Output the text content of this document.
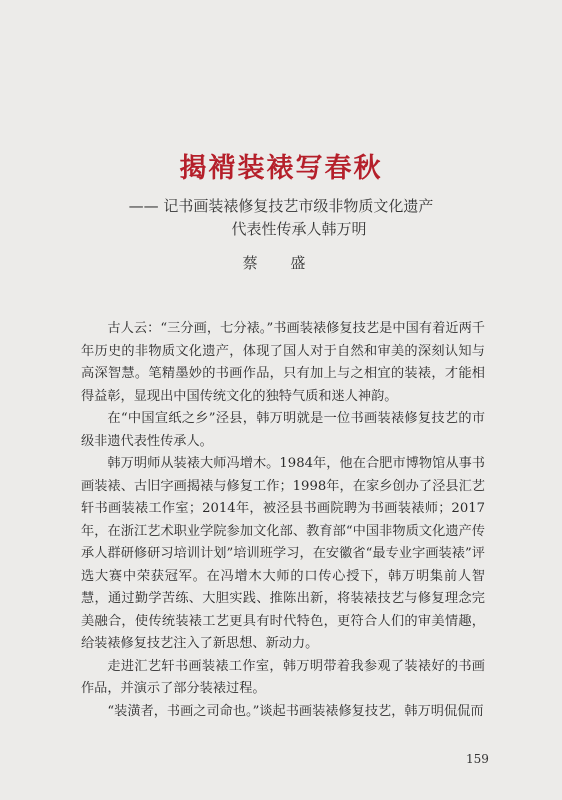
揭褙装裱写春秋
—— 记书画装裱修复技艺市级非物质文化遗产
代表性传承人韩万明
蔡 盛

古人云：“三分画，七分裱。”书画装裱修复技艺是中国有着近两千年历史的非物质文化遗产，体现了国人对于自然和审美的深刻认知与高深智慧。笔精墨妙的书画作品，只有加上与之相宜的装裱，才能相得益彰，显现出中国传统文化的独特气质和迷人神韵。

在“中国宣纸之乡”泾县，韩万明就是一位书画装裱修复技艺的市级非遗代表性传承人。

韩万明师从装裱大师冯增木。1984年，他在合肥市博物馆从事书画装裱、古旧字画揭裱与修复工作；1998年，在家乡创办了泾县汇艺轩书画装裱工作室；2014年，被泾县书画院聘为书画装裱师；2017年，在浙江艺术职业学院参加文化部、教育部“中国非物质文化遗产传承人群研修研习培训计划”培训班学习，在安徽省“最专业字画装裱”评选大赛中荣获冠军。在冯增木大师的口传心授下，韩万明集前人智慧，通过勤学苦练、大胆实践、推陈出新，将装裱技艺与修复理念完美融合，使传统装裱工艺更具有时代特色，更符合人们的审美情趣，给装裱修复技艺注入了新思想、新动力。

走进汇艺轩书画装裱工作室，韩万明带着我参观了装裱好的书画作品，并演示了部分装裱过程。

“装潢者，书画之司命也。”谈起书画装裱修复技艺，韩万明侃侃而

159
